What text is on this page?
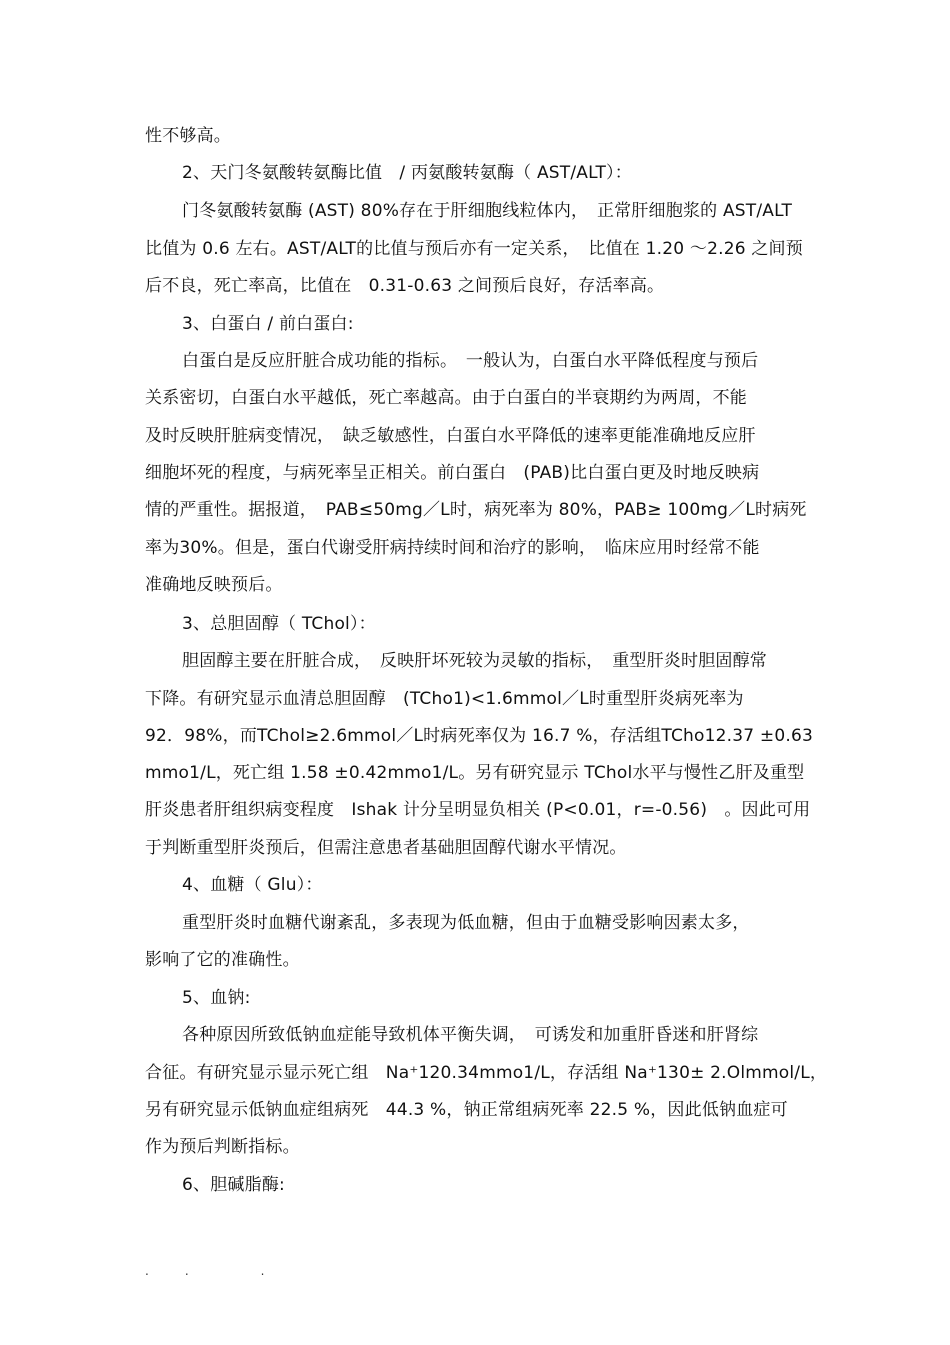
性不够高。
2、天门冬氨酸转氨酶比值　/ 丙氨酸转氨酶（ AST/ALT）：
门冬氨酸转氨酶 (AST) 80%存在于肝细胞线粒体内，　正常肝细胞浆的 AST/ALT
比值为 0.6 左右。AST/ALT的比值与预后亦有一定关系，　比值在 1.20 ～2.26 之间预
后不良，死亡率高，比值在　0.31-0.63 之间预后良好，存活率高。
3、白蛋白 / 前白蛋白:
白蛋白是反应肝脏合成功能的指标。　一般认为，白蛋白水平降低程度与预后
关系密切，白蛋白水平越低，死亡率越高。由于白蛋白的半衰期约为两周，不能
及时反映肝脏病变情况，　缺乏敏感性，白蛋白水平降低的速率更能准确地反应肝
细胞坏死的程度，与病死率呈正相关。前白蛋白　(PAB)比白蛋白更及时地反映病
情的严重性。据报道，　PAB≤50mg／L时，病死率为 80%，PAB≥ 100mg／L时病死
率为30%。但是，蛋白代谢受肝病持续时间和治疗的影响，　临床应用时经常不能
准确地反映预后。
3、总胆固醇（ TChol）：
胆固醇主要在肝脏合成，　反映肝坏死较为灵敏的指标，　重型肝炎时胆固醇常
下降。有研究显示血清总胆固醇　(TCho1)<1.6mmol／L时重型肝炎病死率为
92．98%，而TChol≥2.6mmol／L时病死率仅为 16.7 %，存活组TCho12.37 ±0.63
mmo1/L，死亡组 1.58 ±0.42mmo1/L。另有研究显示 TChol水平与慢性乙肝及重型
肝炎患者肝组织病变程度　Ishak 计分呈明显负相关 (P<0.01，r=-0.56)　。因此可用
于判断重型肝炎预后，但需注意患者基础胆固醇代谢水平情况。
4、血糖（ Glu）：
重型肝炎时血糖代谢紊乱，多表现为低血糖，但由于血糖受影响因素太多，
影响了它的准确性。
5、血钠:
各种原因所致低钠血症能导致机体平衡失调，　可诱发和加重肝昏迷和肝肾综
合征。有研究显示显示死亡组　Na⁺120.34mmo1/L，存活组 Na⁺130± 2.Olmmol/L，
另有研究显示低钠血症组病死　44.3 %，钠正常组病死率 22.5 %，因此低钠血症可
作为预后判断指标。
6、胆碱脂酶:
.　　　.　　　　　　.
